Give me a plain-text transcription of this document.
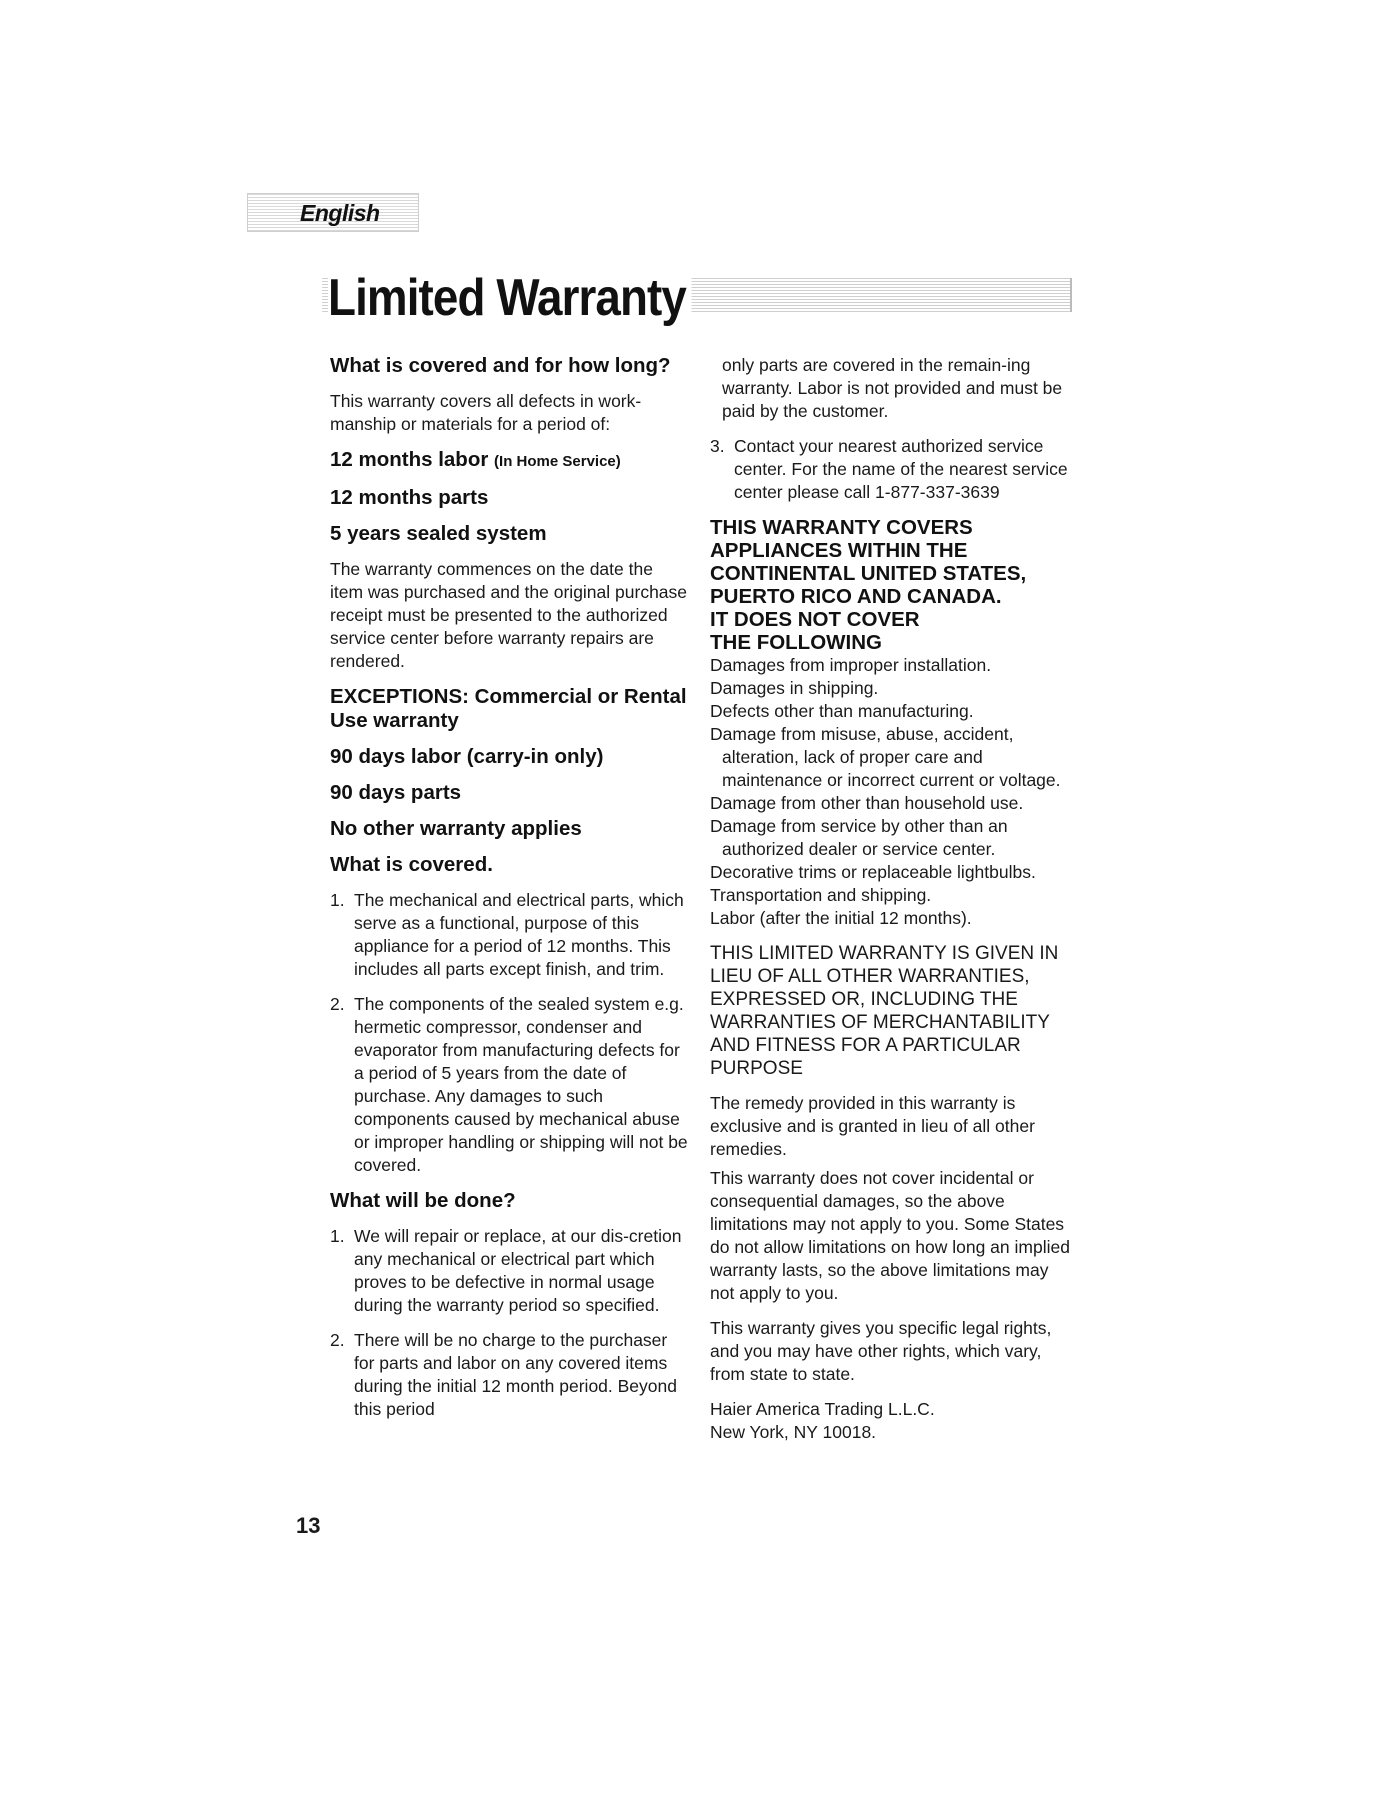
English
Limited Warranty
What is covered and for how long?
This warranty covers all defects in work-manship or materials for a period of:
12 months labor (In Home Service)
12 months parts
5 years sealed system
The warranty commences on the date the item was purchased and the original purchase receipt must be presented to the authorized service center before warranty repairs are rendered.
EXCEPTIONS: Commercial or Rental Use warranty
90 days labor (carry-in only)
90 days parts
No other warranty applies
What is covered.
1. The mechanical and electrical parts, which serve as a functional, purpose of this appliance for a period of 12 months. This includes all parts except finish, and trim.
2. The components of the sealed system e.g. hermetic compressor, condenser and evaporator from manufacturing defects for a period of 5 years from the date of purchase. Any damages to such components caused by mechanical abuse or improper handling or shipping will not be covered.
What will be done?
1. We will repair or replace, at our dis-cretion any mechanical or electrical part which proves to be defective in normal usage during the warranty period so specified.
2. There will be no charge to the purchaser for parts and labor on any covered items during the initial 12 month period. Beyond this period
only parts are covered in the remain-ing warranty. Labor is not provided and must be paid by the customer.
3. Contact your nearest authorized service center. For the name of the nearest service center please call 1-877-337-3639
THIS WARRANTY COVERS
APPLIANCES WITHIN THE
CONTINENTAL UNITED STATES,
PUERTO RICO AND CANADA.
IT DOES NOT COVER
THE FOLLOWING

Damages from improper installation.

Damages in shipping.

Defects other than manufacturing.

Damage from misuse, abuse, accident, alteration, lack of proper care and maintenance or incorrect current or voltage.

Damage from other than household use.

Damage from service by other than an authorized dealer or service center.

Decorative trims or replaceable lightbulbs.

Transportation and shipping.

Labor (after the initial 12 months).

THIS LIMITED WARRANTY IS GIVEN IN LIEU OF ALL OTHER WARRANTIES, EXPRESSED OR, INCLUDING THE WARRANTIES OF MERCHANTABILITY AND FITNESS FOR A PARTICULAR PURPOSE
The remedy provided in this warranty is exclusive and is granted in lieu of all other remedies.
This warranty does not cover incidental or consequential damages, so the above limitations may not apply to you. Some States do not allow limitations on how long an implied warranty lasts, so the above limitations may not apply to you.
This warranty gives you specific legal rights, and you may have other rights, which vary, from state to state.
Haier America Trading L.L.C.
New York, NY 10018.
13
